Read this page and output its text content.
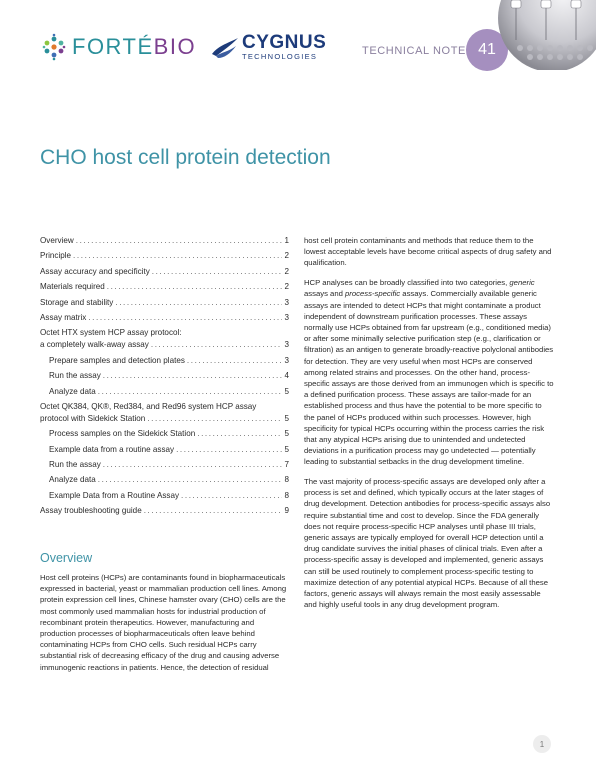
FORTÉBIO CYGNUS
TECHNOLOGIES	TECHNICAL NOTE 41
CHO host cell protein detection
Overview .....	1
Principle .....	2
Assay accuracy and specificity .....	2
Materials required .....	2
Storage and stability .....	3
Assay matrix .....	3
Octet HTX system HCP assay protocol:
a completely walk-away assay .....	3
Prepare samples and detection plates .....	3
Run the assay .....	4
Analyze data .....	5
Octet QK384, QK®, Red384, and Red96 system HCP assay
protocol with Sidekick Station .....	5
Process samples on the Sidekick Station .....	5
Example data from a routine assay .....	5
Run the assay .....	7
Analyze data .....	8
Example Data from a Routine Assay .....	8
Assay troubleshooting guide .....	9
Overview
Host cell proteins (HCPs) are contaminants found in biopharmaceuticals expressed in bacterial, yeast or mammalian production cell lines. Among protein expression cell lines, Chinese hamster ovary (CHO) cells are the most commonly used mammalian hosts for industrial production of recombinant protein therapeutics. However, manufacturing and production processes of biopharmaceuticals often leave behind contaminating HCPs from CHO cells. Such residual HCPs carry substantial risk of decreasing efficacy of the drug and causing adverse immunogenic reactions in patients. Hence, the detection of residual

host cell protein contaminants and methods that reduce them to the lowest acceptable levels have become critical aspects of drug safety and qualification.

HCP analyses can be broadly classified into two categories, generic assays and process-specific assays. Commercially available generic assays are intended to detect HCPs that might contaminate a product independent of downstream purification processes. These assays normally use HCPs obtained from far upstream (e.g., conditioned media) or after some minimally selective purification step (e.g., clarification or filtration) as an antigen to generate broadly-reactive polyclonal antibodies for detection. They are very useful when most HCPs are conserved among related strains and processes. On the other hand, process-specific assays are those derived from an immunogen which is specific to a defined purification process. These assays are tailor-made for an established process and thus have the potential to be more specific to the panel of HCPs produced within such processes. However, high specificity for typical HCPs occurring within the process carries the risk that any atypical HCPs arising due to unintended and undetected deviations in a purification process may go undetected — potentially leading to substantial setbacks in the drug development timeline.

The vast majority of process-specific assays are developed only after a process is set and defined, which typically occurs at the later stages of drug development. Detection antibodies for process-specific assays also require substantial time and cost to develop. Since the FDA generally does not require process-specific HCP analyses until phase III trials, generic assays are typically employed for overall HCP detection until a drug candidate survives the initial phases of clinical trials. Even after a process-specific assay is developed and implemented, generic assays can still be used routinely to complement process-specific testing to maximize detection of any potential atypical HCPs. Because of all these factors, generic assays will always remain the most easily assessable and highly useful tools in any drug development program.

1
